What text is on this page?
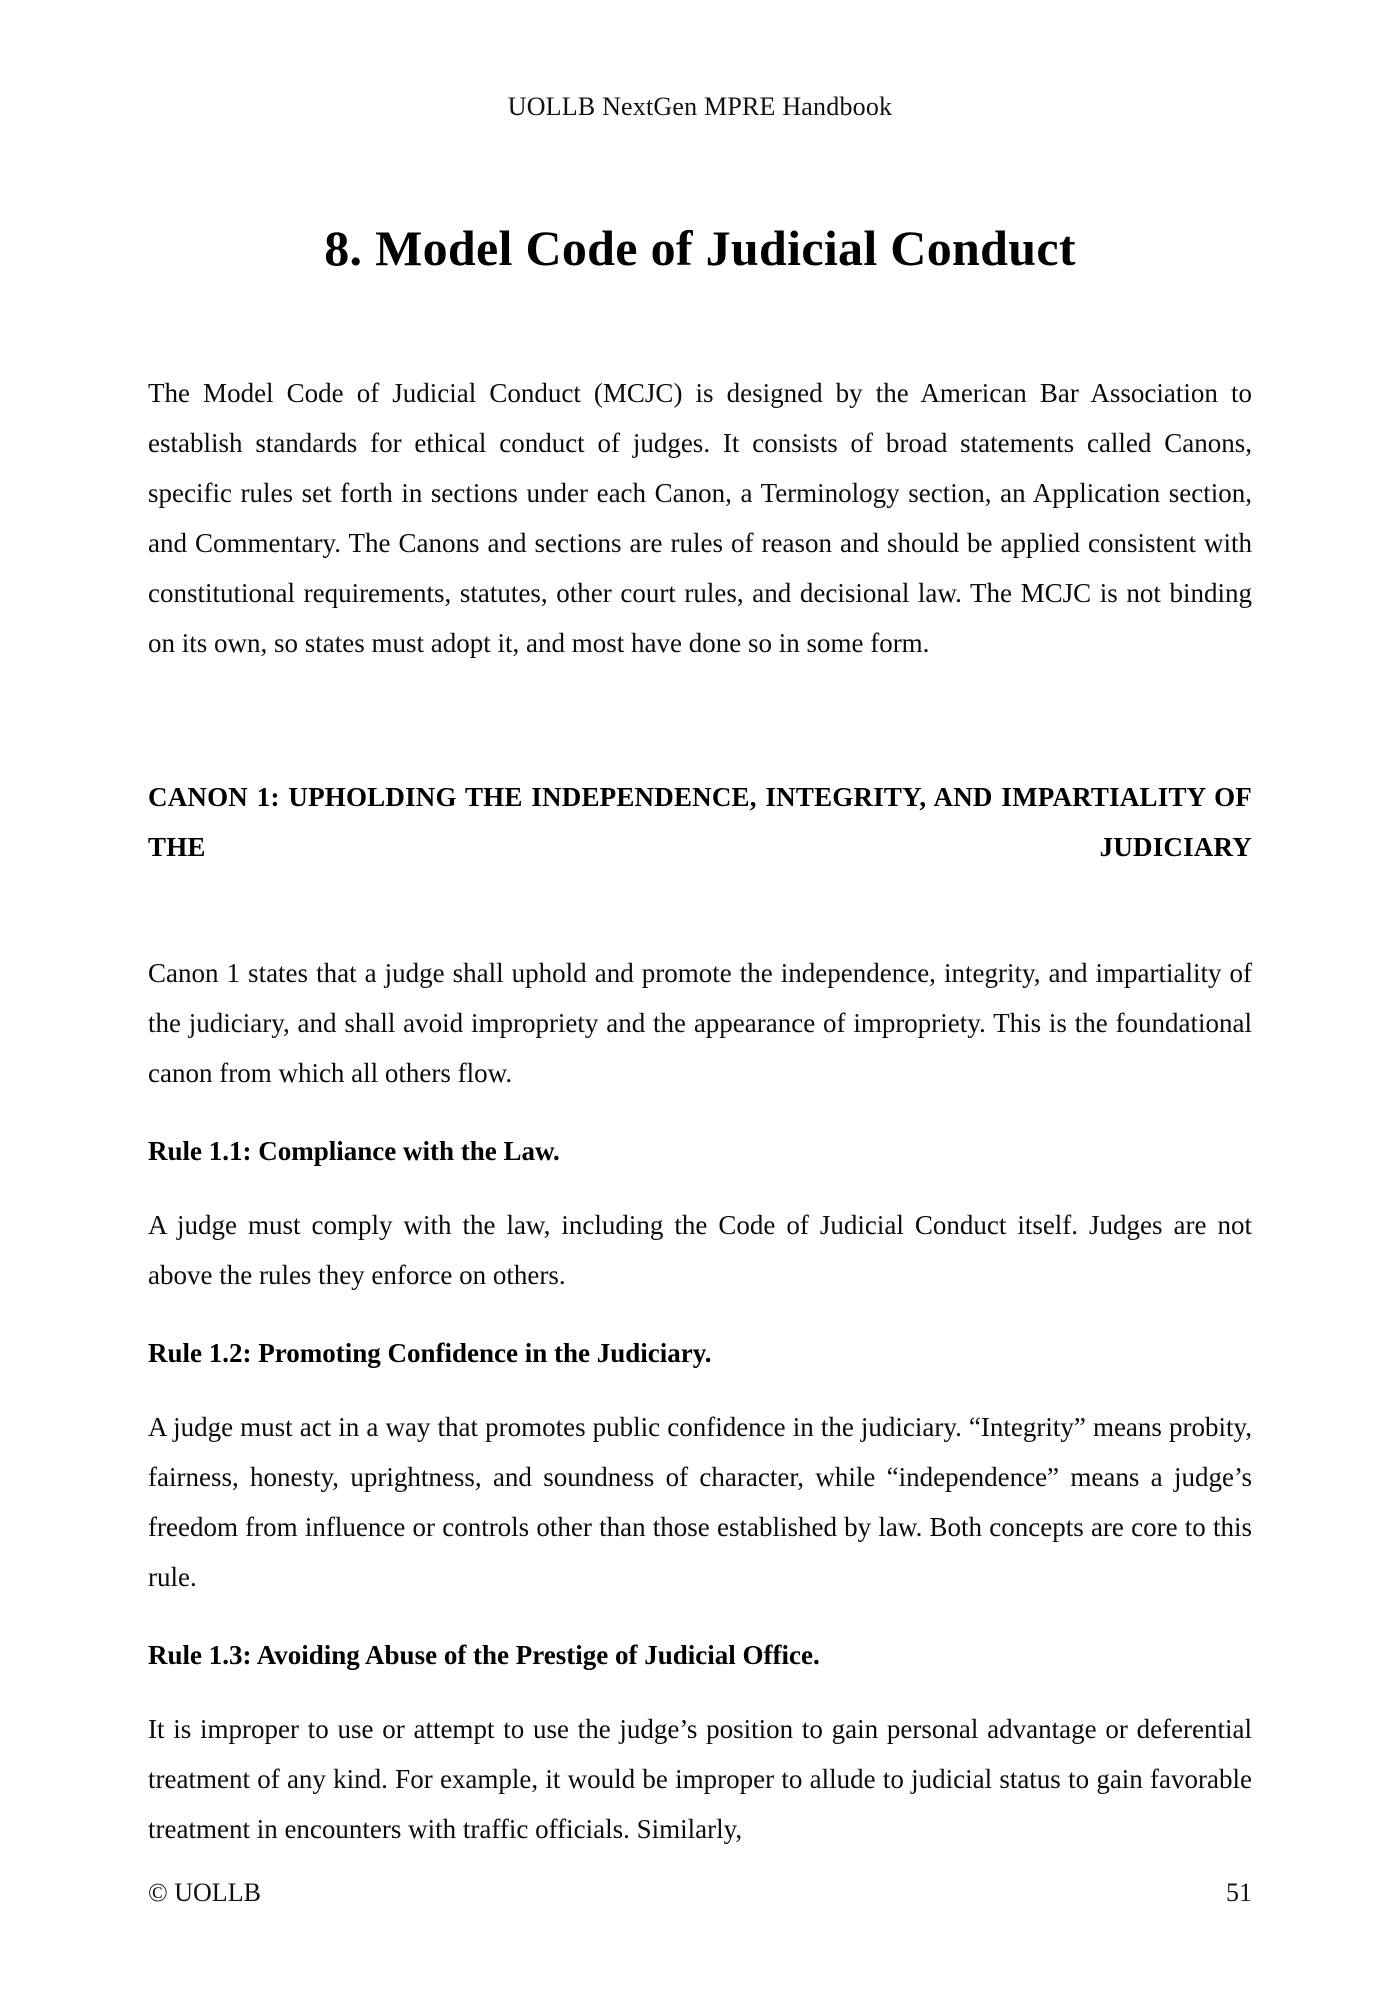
UOLLB NextGen MPRE Handbook
8. Model Code of Judicial Conduct

The Model Code of Judicial Conduct (MCJC) is designed by the American Bar Association to establish standards for ethical conduct of judges. It consists of broad statements called Canons, specific rules set forth in sections under each Canon, a Terminology section, an Application section, and Commentary. The Canons and sections are rules of reason and should be applied consistent with constitutional requirements, statutes, other court rules, and decisional law. The MCJC is not binding on its own, so states must adopt it, and most have done so in some form.

CANON 1: UPHOLDING THE INDEPENDENCE, INTEGRITY, AND IMPARTIALITY OF THE JUDICIARY

Canon 1 states that a judge shall uphold and promote the independence, integrity, and impartiality of the judiciary, and shall avoid impropriety and the appearance of impropriety. This is the foundational canon from which all others flow.

Rule 1.1: Compliance with the Law.

A judge must comply with the law, including the Code of Judicial Conduct itself. Judges are not above the rules they enforce on others.

Rule 1.2: Promoting Confidence in the Judiciary.

A judge must act in a way that promotes public confidence in the judiciary. “Integrity” means probity, fairness, honesty, uprightness, and soundness of character, while “independence” means a judge’s freedom from influence or controls other than those established by law. Both concepts are core to this rule.

Rule 1.3: Avoiding Abuse of the Prestige of Judicial Office.

It is improper to use or attempt to use the judge’s position to gain personal advantage or deferential treatment of any kind. For example, it would be improper to allude to judicial status to gain favorable treatment in encounters with traffic officials. Similarly,

© UOLLB	51
